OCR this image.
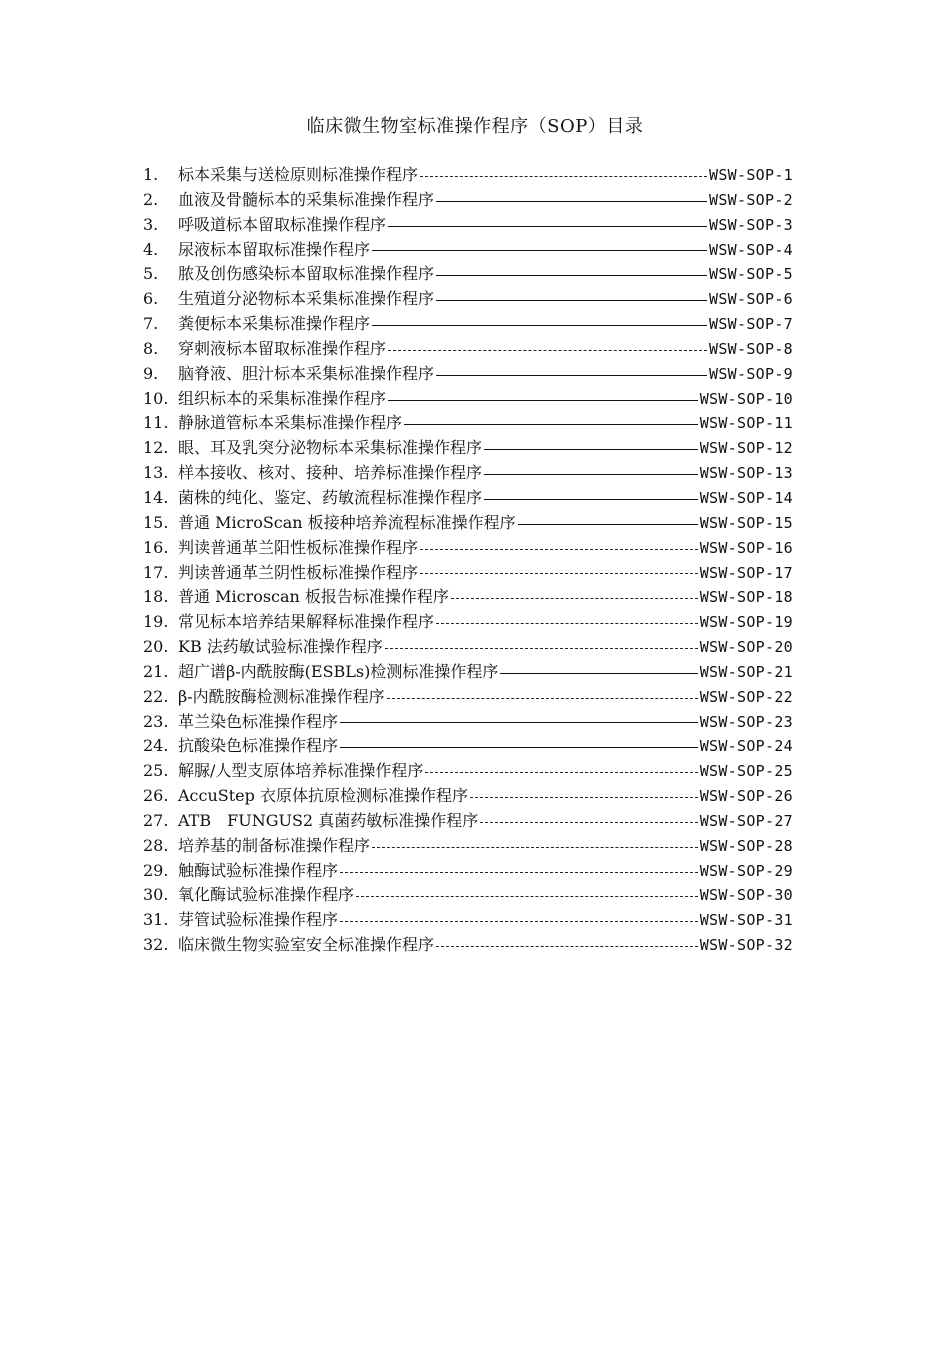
临床微生物室标准操作程序（SOP）目录
1.	标本采集与送检原则标准操作程序	WSW-SOP-1
2.	血液及骨髓标本的采集标准操作程序	WSW-SOP-2
3.	呼吸道标本留取标准操作程序	WSW-SOP-3
4.	尿液标本留取标准操作程序	WSW-SOP-4
5.	脓及创伤感染标本留取标准操作程序	WSW-SOP-5
6.	生殖道分泌物标本采集标准操作程序	WSW-SOP-6
7.	粪便标本采集标准操作程序	WSW-SOP-7
8.	穿刺液标本留取标准操作程序	WSW-SOP-8
9.	脑脊液、胆汁标本采集标准操作程序	WSW-SOP-9
10. 组织标本的采集标准操作程序	WSW-SOP-10
11. 静脉道管标本采集标准操作程序	WSW-SOP-11
12. 眼、耳及乳突分泌物标本采集标准操作程序	WSW-SOP-12
13. 样本接收、核对、接种、培养标准操作程序	WSW-SOP-13
14. 菌株的纯化、鉴定、药敏流程标准操作程序	WSW-SOP-14
15. 普通 MicroScan 板接种培养流程标准操作程序	WSW-SOP-15
16. 判读普通革兰阳性板标准操作程序	WSW-SOP-16
17. 判读普通革兰阴性板标准操作程序	WSW-SOP-17
18. 普通 Microscan 板报告标准操作程序	WSW-SOP-18
19. 常见标本培养结果解释标准操作程序	WSW-SOP-19
20. KB 法药敏试验标准操作程序	WSW-SOP-20
21. 超广谱β-内酰胺酶(ESBLs)检测标准操作程序	WSW-SOP-21
22. β-内酰胺酶检测标准操作程序	WSW-SOP-22
23. 革兰染色标准操作程序	WSW-SOP-23
24. 抗酸染色标准操作程序	WSW-SOP-24
25. 解脲/人型支原体培养标准操作程序	WSW-SOP-25
26. AccuStep 衣原体抗原检测标准操作程序	WSW-SOP-26
27. ATB　FUNGUS2 真菌药敏标准操作程序	WSW-SOP-27
28. 培养基的制备标准操作程序	WSW-SOP-28
29. 触酶试验标准操作程序	WSW-SOP-29
30. 氧化酶试验标准操作程序	WSW-SOP-30
31. 芽管试验标准操作程序	WSW-SOP-31
32. 临床微生物实验室安全标准操作程序	WSW-SOP-32
